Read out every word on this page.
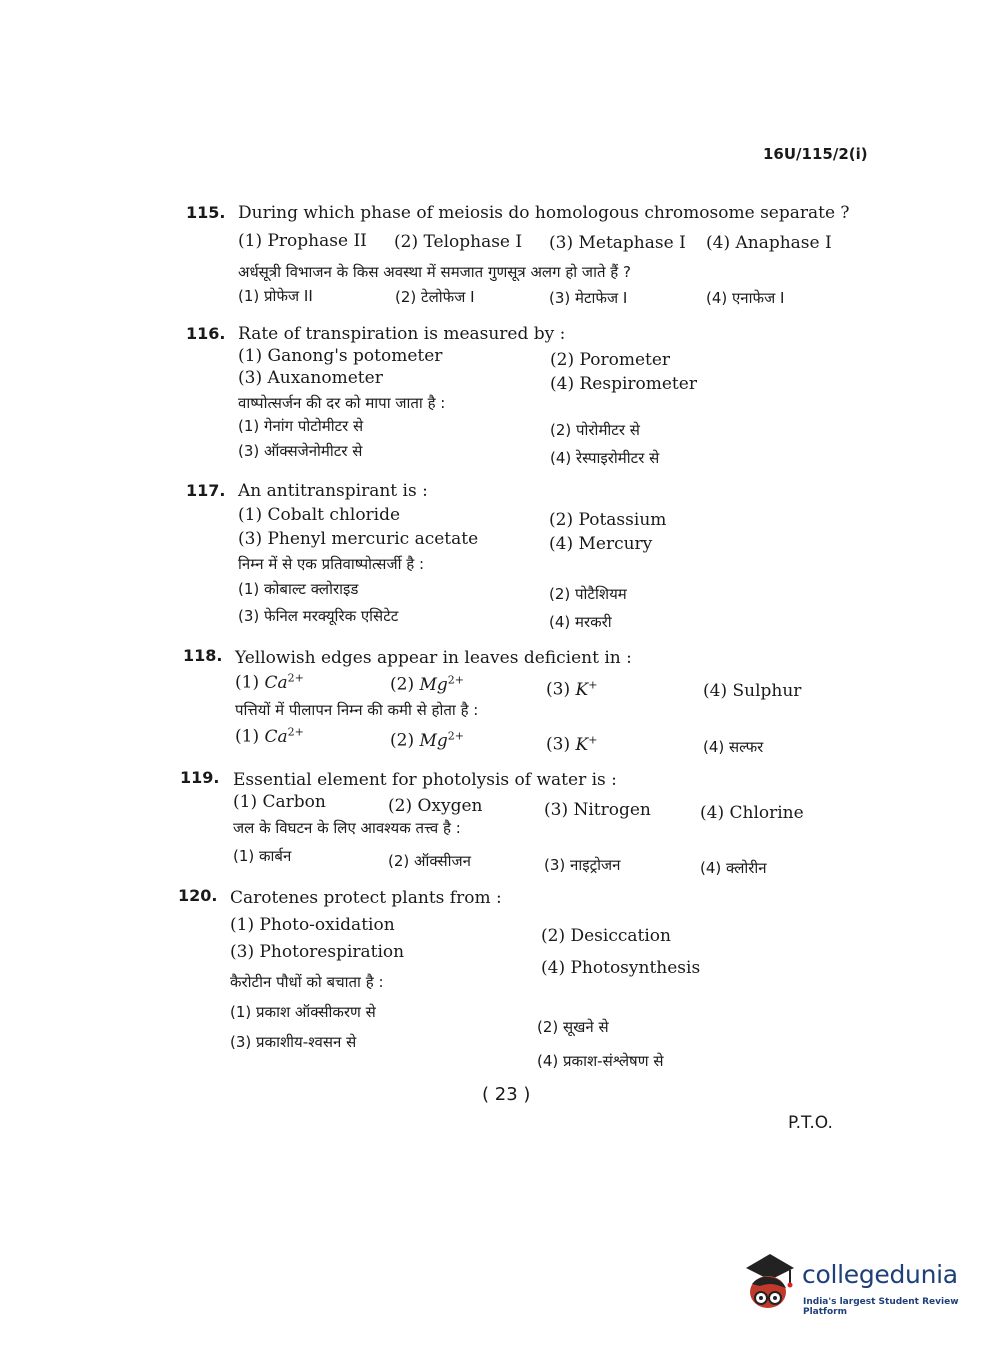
16U/115/2(i)
115. During which phase of meiosis do homologous chromosome separate ?
(1) Prophase II (2) Telophase I (3) Metaphase I (4) Anaphase I
अर्धसूत्री विभाजन के किस अवस्था में समजात गुणसूत्र अलग हो जाते हैं ?
(1) प्रोफेज II	(2) टेलोफेज I	(3) मेटाफेज I	(4) एनाफेज I
116. Rate of transpiration is measured by :
(1) Ganong's potometer	(2) Porometer
(3) Auxanometer	(4) Respirometer
वाष्पोत्सर्जन की दर को मापा जाता है :
(1) गेनांग पोटोमीटर से	(2) पोरोमीटर से
(3) ऑक्सजेनोमीटर से	(4) रेस्पाइरोमीटर से
117. An antitranspirant is :
(1) Cobalt chloride	(2) Potassium
(3) Phenyl mercuric acetate	(4) Mercury
निम्न में से एक प्रतिवाष्पोत्सर्जी है :
(1) कोबाल्ट क्लोराइड	(2) पोटैशियम
(3) फेनिल मरक्यूरिक एसिटेट	(4) मरकरी
118. Yellowish edges appear in leaves deficient in :
(1) $Ca^{2+}$	(2) $Mg^{2+}$
(3) K+	(4) Sulphur
पत्तियों में पीलापन निम्न की कमी से होता है :
(1) $Ca^{2+}$	(2) $Mg^{2+}$	(3) K+	(4) सल्फर
119. Essential element for photolysis of water is :
(1) Carbon	(2) Oxygen	(3) Nitrogen	(4) Chlorine
जल के विघटन के लिए आवश्यक तत्त्व है :
(1) कार्बन	(2) ऑक्सीजन	(3) नाइट्रोजन	(4) क्लोरीन
120. Carotenes protect plants from :
(1) Photo-oxidation
(2) Desiccation
(3) Photorespiration
(4) Photosynthesis
कैरोटीन पौधों को बचाता है :
(1) प्रकाश ऑक्सीकरण से
(2) सूखने से
(3) प्रकाशीय-श्वसन से
(4) प्रकाश-संश्लेषण से
( 23 )
P.T.O.
collegedunia
India's largest Student Review Platform
